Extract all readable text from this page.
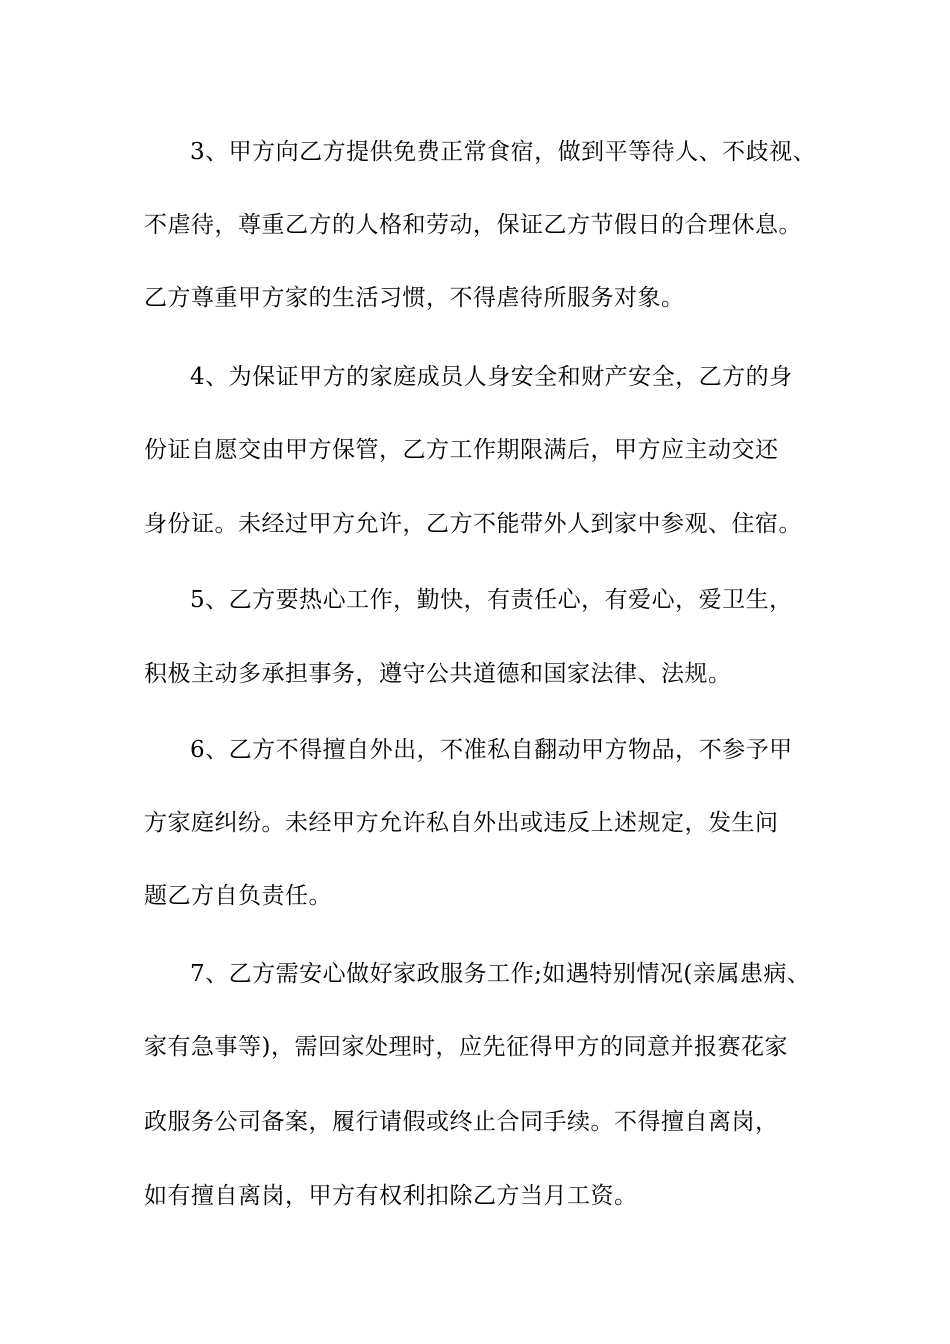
3、甲方向乙方提供免费正常食宿，做到平等待人、不歧视、
不虐待，尊重乙方的人格和劳动，保证乙方节假日的合理休息。
乙方尊重甲方家的生活习惯，不得虐待所服务对象。
4、为保证甲方的家庭成员人身安全和财产安全，乙方的身
份证自愿交由甲方保管，乙方工作期限满后，甲方应主动交还
身份证。未经过甲方允许，乙方不能带外人到家中参观、住宿。
5、乙方要热心工作，勤快，有责任心，有爱心，爱卫生，
积极主动多承担事务，遵守公共道德和国家法律、法规。
6、乙方不得擅自外出，不准私自翻动甲方物品，不参予甲
方家庭纠纷。未经甲方允许私自外出或违反上述规定，发生问
题乙方自负责任。
7、乙方需安心做好家政服务工作;如遇特别情况(亲属患病、
家有急事等)，需回家处理时，应先征得甲方的同意并报赛花家
政服务公司备案，履行请假或终止合同手续。不得擅自离岗，
如有擅自离岗，甲方有权利扣除乙方当月工资。
